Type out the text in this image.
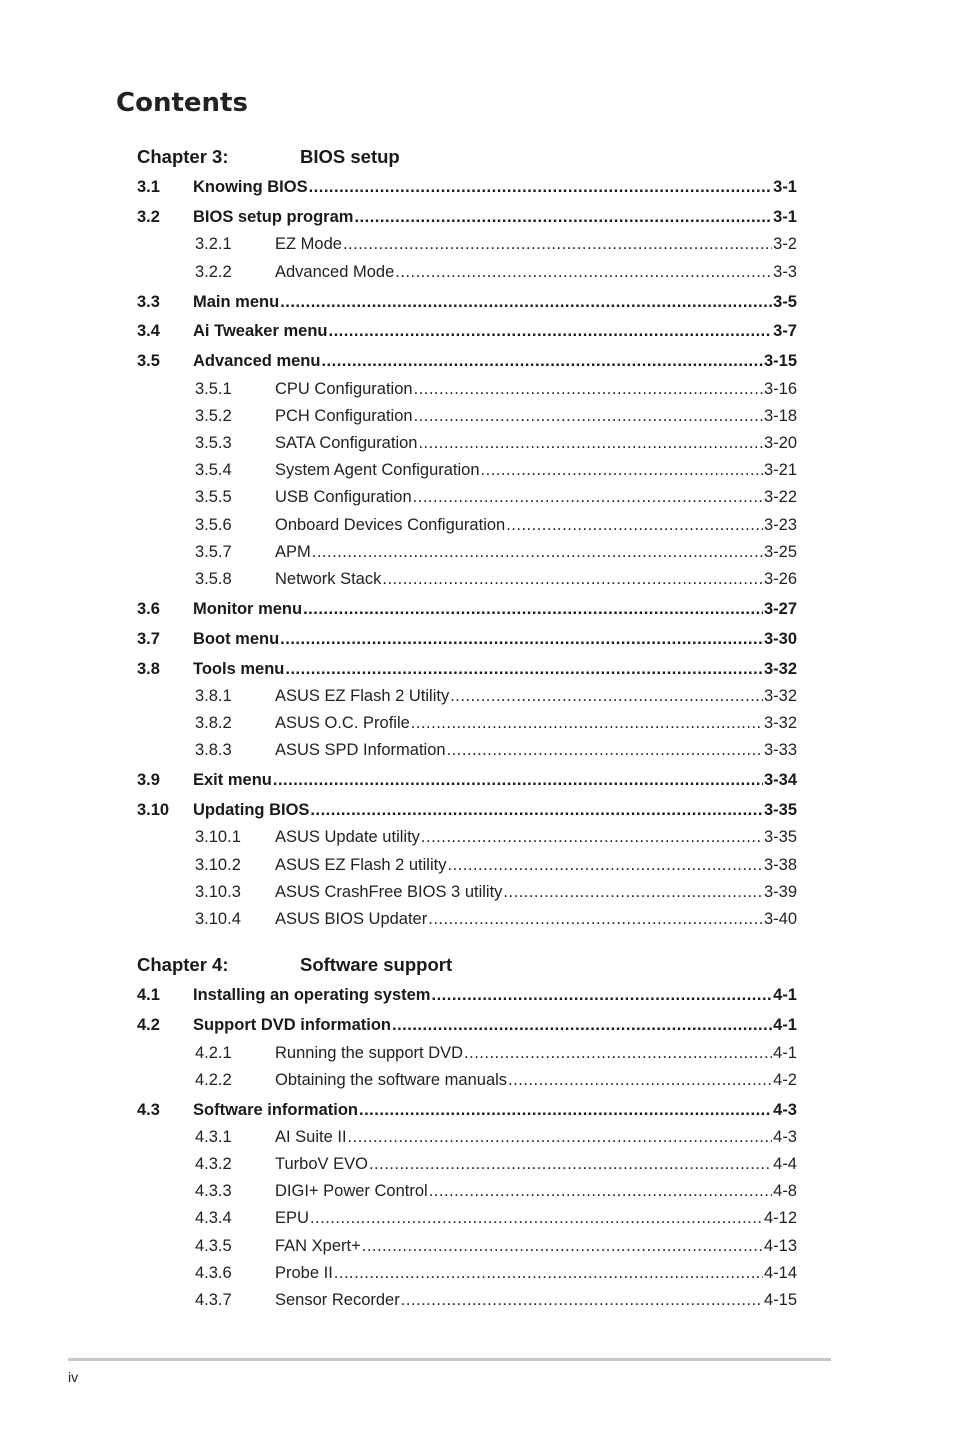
Contents
Chapter 3:	BIOS setup
3.1	Knowing BIOS .....	3-1
3.2	BIOS setup program .....	3-1
3.2.1	EZ Mode .....	3-2
3.2.2	Advanced Mode .....	3-3
3.3	Main menu .....	3-5
3.4	Ai Tweaker menu .....	3-7
3.5	Advanced menu .....	3-15
3.5.1	CPU Configuration .....	3-16
3.5.2	PCH Configuration .....	3-18
3.5.3	SATA Configuration .....	3-20
3.5.4	System Agent Configuration .....	3-21
3.5.5	USB Configuration .....	3-22
3.5.6	Onboard Devices Configuration .....	3-23
3.5.7	APM .....	3-25
3.5.8	Network Stack .....	3-26
3.6	Monitor menu .....	3-27
3.7	Boot menu .....	3-30
3.8	Tools menu .....	3-32
3.8.1	ASUS EZ Flash 2 Utility .....	3-32
3.8.2	ASUS O.C. Profile .....	3-32
3.8.3	ASUS SPD Information .....	3-33
3.9	Exit menu .....	3-34
3.10	Updating BIOS .....	3-35
3.10.1	ASUS Update utility .....	3-35
3.10.2	ASUS EZ Flash 2 utility .....	3-38
3.10.3	ASUS CrashFree BIOS 3 utility .....	3-39
3.10.4	ASUS BIOS Updater .....	3-40
Chapter 4:	Software support
4.1	Installing an operating system .....	4-1
4.2	Support DVD information .....	4-1
4.2.1	Running the support DVD .....	4-1
4.2.2	Obtaining the software manuals .....	4-2
4.3	Software information .....	4-3
4.3.1	AI Suite II .....	4-3
4.3.2	TurboV EVO .....	4-4
4.3.3	DIGI+ Power Control .....	4-8
4.3.4	EPU .....	4-12
4.3.5	FAN Xpert+ .....	4-13
4.3.6	Probe II .....	4-14
4.3.7	Sensor Recorder .....	4-15
iv
